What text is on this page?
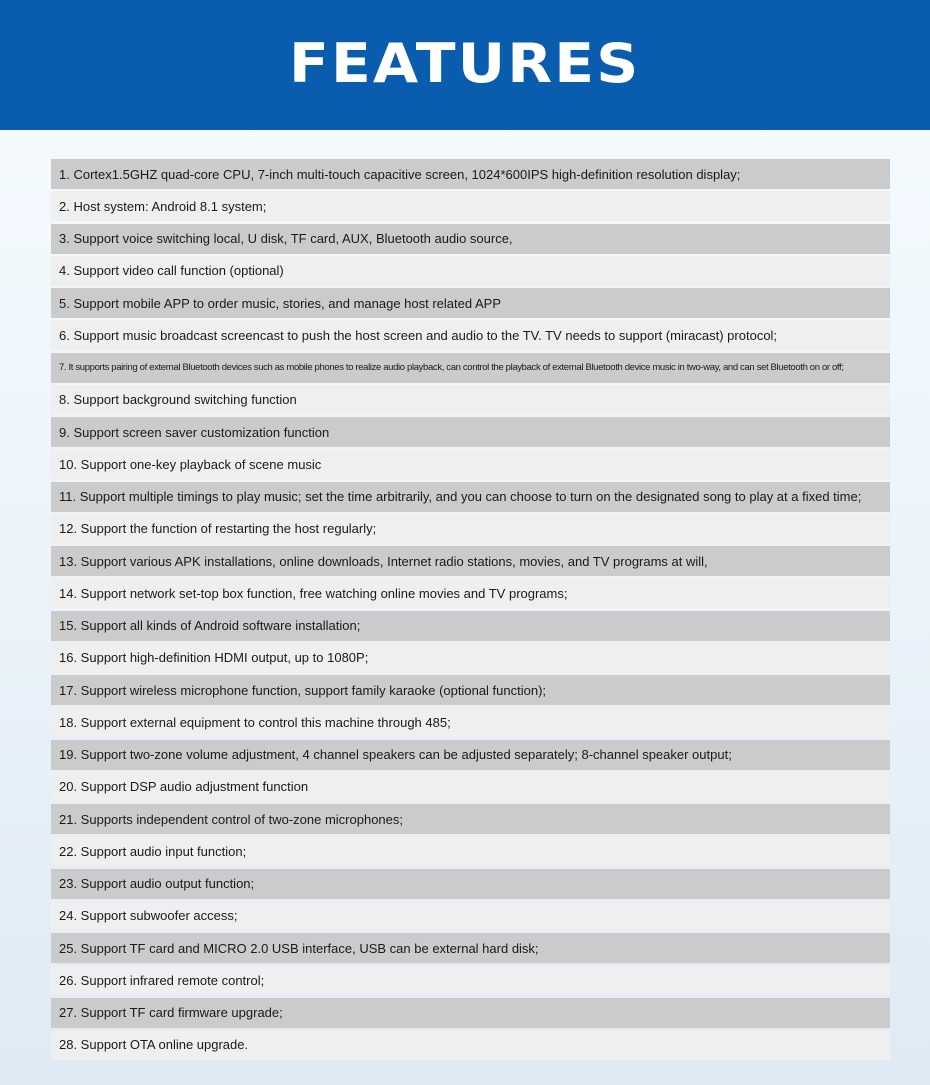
FEATURES
1. Cortex1.5GHZ quad-core CPU, 7-inch multi-touch capacitive screen, 1024*600IPS high-definition resolution display;
2. Host system: Android 8.1 system;
3. Support voice switching local, U disk, TF card, AUX, Bluetooth audio source,
4. Support video call function (optional)
5. Support mobile APP to order music, stories, and manage host related APP
6. Support music broadcast screencast to push the host screen and audio to the TV. TV needs to support (miracast) protocol;
7. It supports pairing of external Bluetooth devices such as mobile phones to realize audio playback, can control the playback of external Bluetooth device music in two-way, and can set Bluetooth on or off;
8. Support background switching function
9. Support screen saver customization function
10. Support one-key playback of scene music
11. Support multiple timings to play music; set the time arbitrarily, and you can choose to turn on the designated song to play at a fixed time;
12. Support the function of restarting the host regularly;
13. Support various APK installations, online downloads, Internet radio stations, movies, and TV programs at will,
14. Support network set-top box function, free watching online movies and TV programs;
15. Support all kinds of Android software installation;
16. Support high-definition HDMI output, up to 1080P;
17. Support wireless microphone function, support family karaoke (optional function);
18. Support external equipment to control this machine through 485;
19. Support two-zone volume adjustment, 4 channel speakers can be adjusted separately; 8-channel speaker output;
20. Support DSP audio adjustment function
21. Supports independent control of two-zone microphones;
22. Support audio input function;
23. Support audio output function;
24. Support subwoofer access;
25. Support TF card and MICRO 2.0 USB interface, USB can be external hard disk;
26. Support infrared remote control;
27. Support TF card firmware upgrade;
28. Support OTA online upgrade.
